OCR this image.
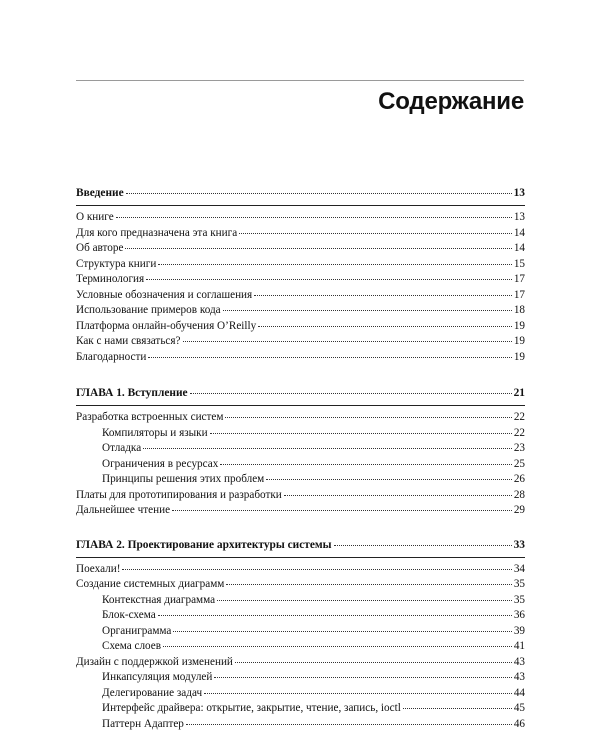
Содержание
Введение	13
О книге	13
Для кого предназначена эта книга	14
Об авторе	14
Структура книги	15
Терминология	17
Условные обозначения и соглашения	17
Использование примеров кода	18
Платформа онлайн-обучения O’Reilly	19
Как с нами связаться?	19
Благодарности	19
ГЛАВА 1. Вступление	21
Разработка встроенных систем	22
Компиляторы и языки	22
Отладка	23
Ограничения в ресурсах	25
Принципы решения этих проблем	26
Платы для прототипирования и разработки	28
Дальнейшее чтение	29
ГЛАВА 2. Проектирование архитектуры системы	33
Поехали!	34
Создание системных диаграмм	35
Контекстная диаграмма	35
Блок-схема	36
Органиграмма	39
Схема слоев	41
Дизайн с поддержкой изменений	43
Инкапсуляция модулей	43
Делегирование задач	44
Интерфейс драйвера: открытие, закрытие, чтение, запись, ioctl	45
Паттерн Адаптер	46
